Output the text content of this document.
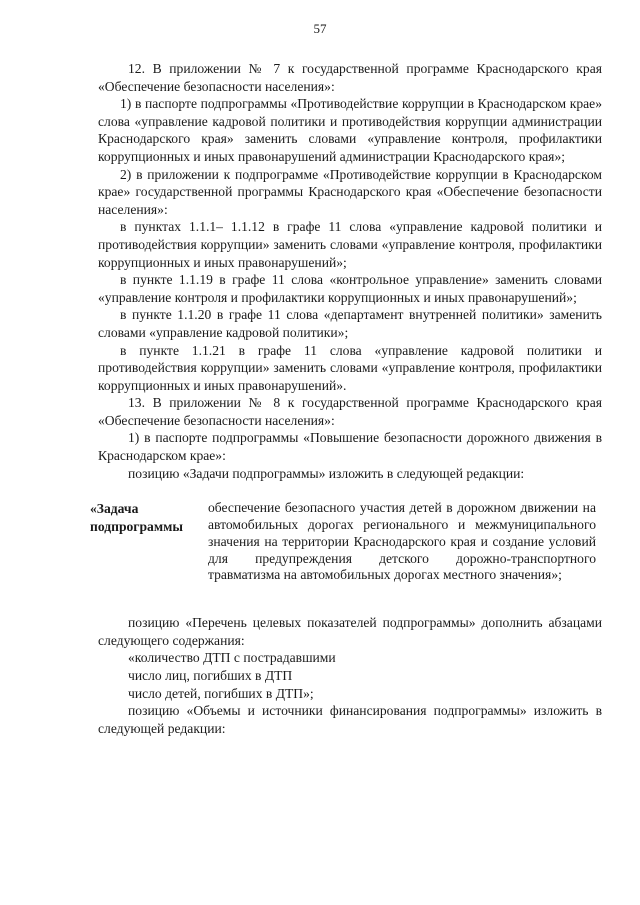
57

12. В приложении № 7 к государственной программе Краснодарского края «Обеспечение безопасности населения»:

1) в паспорте подпрограммы «Противодействие коррупции в Краснодарском крае» слова «управление кадровой политики и противодействия коррупции администрации Краснодарского края» заменить словами «управление контроля, профилактики коррупционных и иных правонарушений администрации Краснодарского края»;

2) в приложении к подпрограмме «Противодействие коррупции в Краснодарском крае» государственной программы Краснодарского края «Обеспечение безопасности населения»:

в пунктах 1.1.1– 1.1.12 в графе 11 слова «управление кадровой политики и противодействия коррупции» заменить словами «управление контроля, профилактики коррупционных и иных правонарушений»;

в пункте 1.1.19 в графе 11 слова «контрольное управление» заменить словами «управление контроля и профилактики коррупционных и иных правонарушений»;

в пункте 1.1.20 в графе 11 слова «департамент внутренней политики» заменить словами «управление кадровой политики»;

в пункте 1.1.21 в графе 11 слова «управление кадровой политики и противодействия коррупции» заменить словами «управление контроля, профилактики коррупционных и иных правонарушений».

13. В приложении № 8 к государственной программе Краснодарского края «Обеспечение безопасности населения»:

1) в паспорте подпрограммы «Повышение безопасности дорожного движения в Краснодарском крае»:

позицию «Задачи подпрограммы» изложить в следующей редакции:

«Задача подпрограммы
обеспечение безопасного участия детей в дорожном движении на автомобильных дорогах регионального и межмуниципального значения на территории Краснодарского края и создание условий для предупреждения детского дорожно-транспортного травматизма на автомобильных дорогах местного значения»;

позицию «Перечень целевых показателей подпрограммы» дополнить абзацами следующего содержания:

«количество ДТП с пострадавшими

число лиц, погибших в ДТП

число детей, погибших в ДТП»;

позицию «Объемы и источники финансирования подпрограммы» изложить в следующей редакции:
